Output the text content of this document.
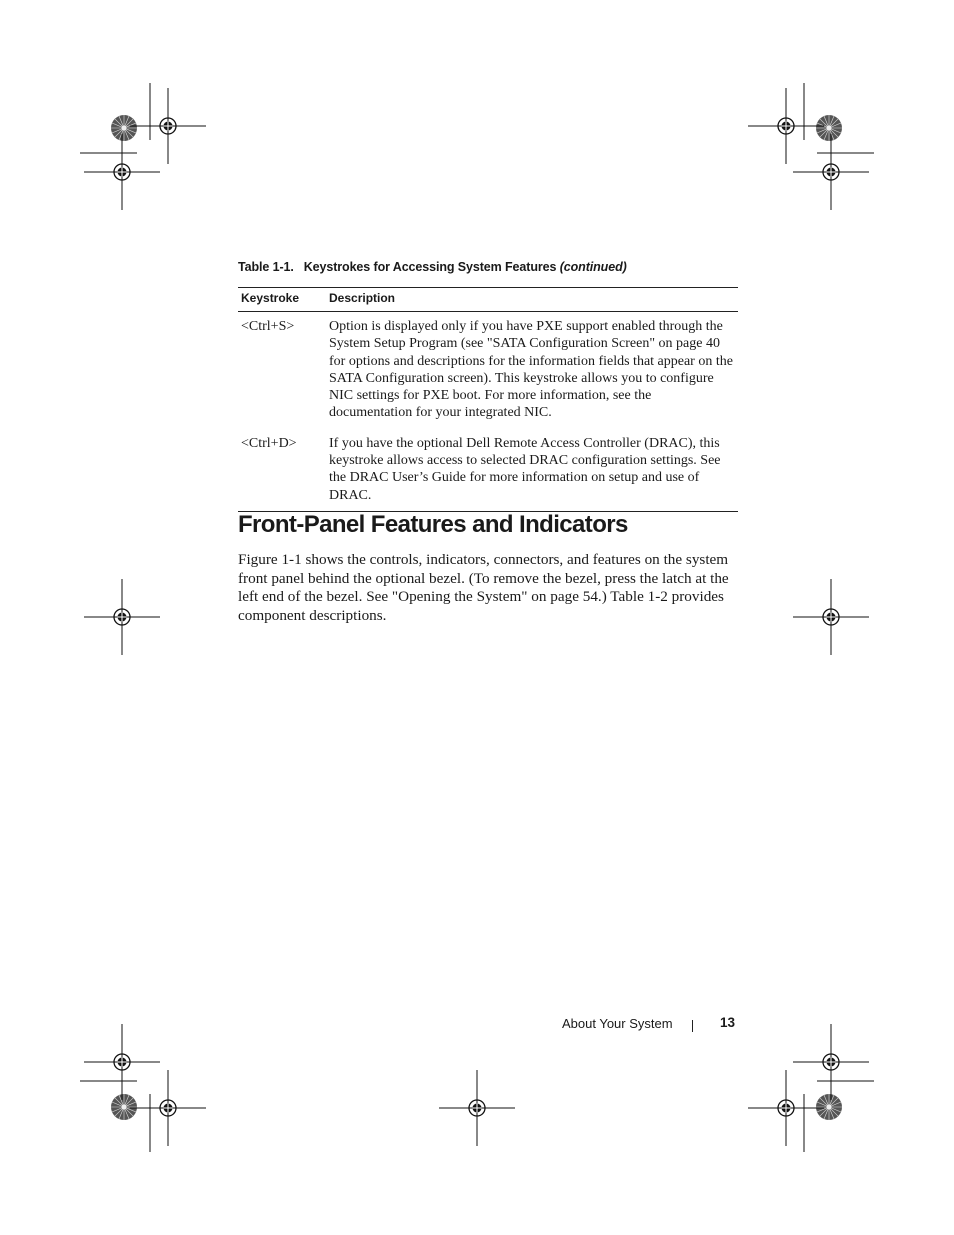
Table 1-1. Keystrokes for Accessing System Features (continued)
Keystroke	Description
<Ctrl+S>	Option is displayed only if you have PXE support enabled through the System Setup Program (see "SATA Configuration Screen" on page 40 for options and descriptions for the information fields that appear on the SATA Configuration screen). This keystroke allows you to configure NIC settings for PXE boot. For more information, see the documentation for your integrated NIC.
<Ctrl+D>	If you have the optional Dell Remote Access Controller (DRAC), this keystroke allows access to selected DRAC configuration settings. See the DRAC User’s Guide for more information on setup and use of DRAC.
Front-Panel Features and Indicators

Figure 1-1 shows the controls, indicators, connectors, and features on the system front panel behind the optional bezel. (To remove the bezel, press the latch at the left end of the bezel. See "Opening the System" on page 54.) Table 1-2 provides component descriptions.

About Your System	13
